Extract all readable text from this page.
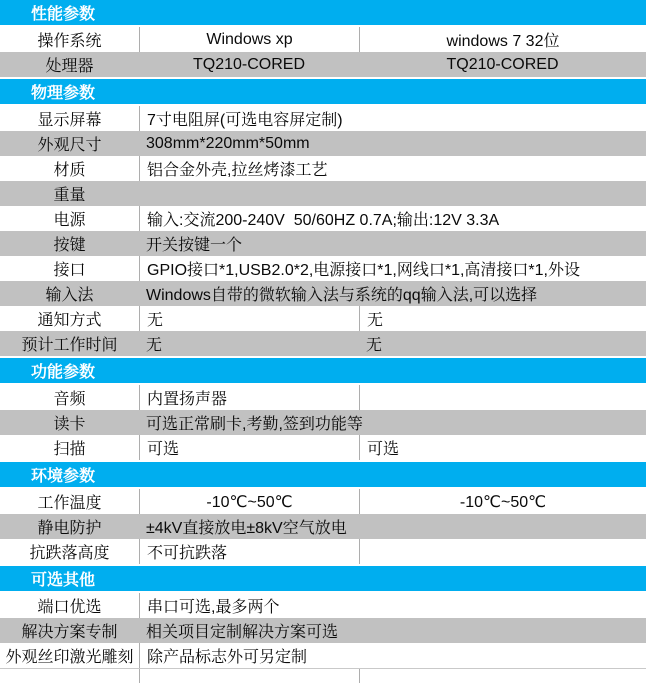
性能参数
操作系统	Windows xp	windows 7 32位
处理器	TQ210-CORED	TQ210-CORED
物理参数
显示屏幕	7寸电阻屏(可选电容屏定制)
外观尺寸	308mm*220mm*50mm
材质	铝合金外壳,拉丝烤漆工艺
重量
电源	输入:交流200-240V  50/60HZ 0.7A;输出:12V 3.3A
按键	开关按键一个
接口	GPIO接口*1,USB2.0*2,电源接口*1,网线口*1,高清接口*1,外设
输入法	Windows自带的微软输入法与系统的qq输入法,可以选择
通知方式	无	无
预计工作时间	无	无
功能参数
音频	内置扬声器
读卡	可选正常刷卡,考勤,签到功能等
扫描	可选	可选
环境参数
工作温度	-10℃~50℃	-10℃~50℃
静电防护	±4kV直接放电±8kV空气放电
抗跌落高度	不可抗跌落
可选其他
端口优选	串口可选,最多两个
解决方案专制	相关项目定制解决方案可选
外观丝印激光雕刻 除产品标志外可另定制
